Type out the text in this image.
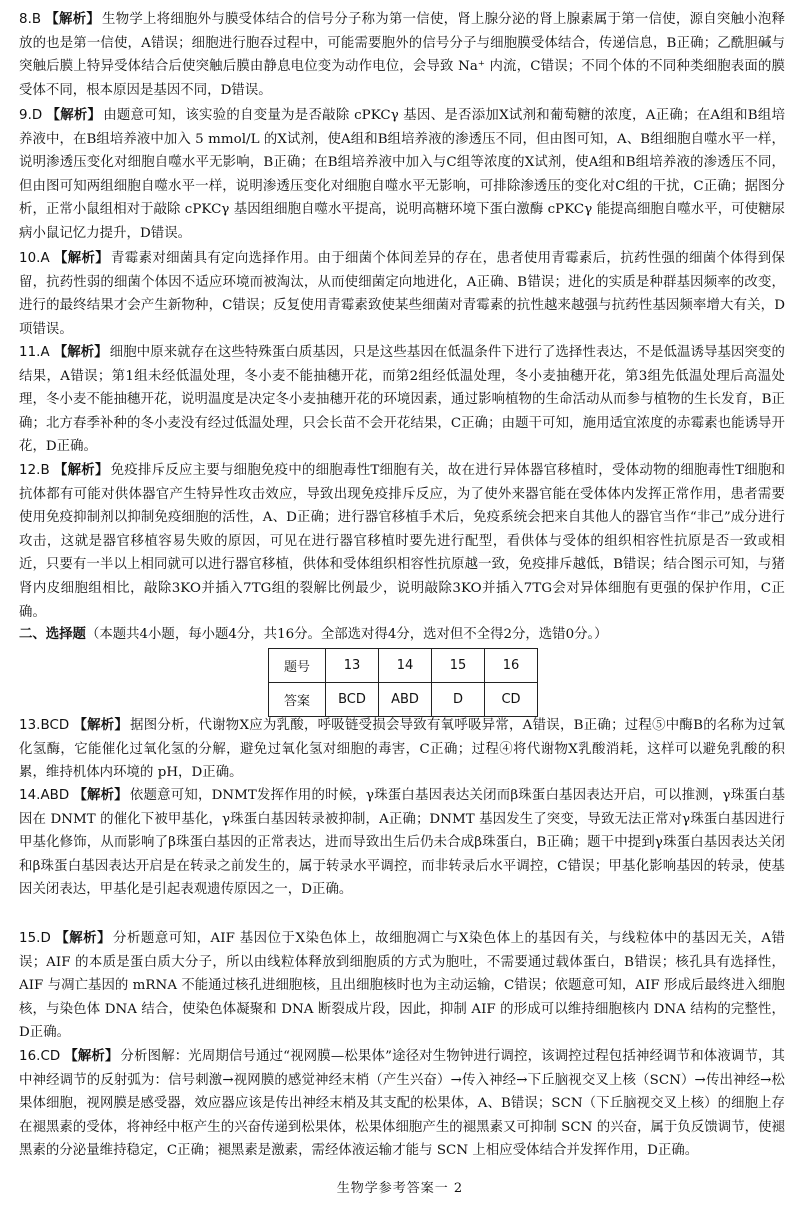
8.B 【解析】 生物学上将细胞外与膜受体结合的信号分子称为第一信使，肾上腺分泌的肾上腺素属于第一信使，源自突触小泡释放的也是第一信使，A错误；细胞进行胞吞过程中，可能需要胞外的信号分子与细胞膜受体结合，传递信息，B正确；乙酰胆碱与突触后膜上特异受体结合后使突触后膜由静息电位变为动作电位，会导致 Na⁺ 内流，C错误；不同个体的不同种类细胞表面的膜受体不同，根本原因是基因不同，D错误。
9.D 【解析】 由题意可知，该实验的自变量为是否敲除 cPKCγ 基因、是否添加X试剂和葡萄糖的浓度，A正确；在A组和B组培养液中，在B组培养液中加入 5 mmol/L 的X试剂，使A组和B组培养液的渗透压不同，但由图可知，A、B组细胞自噬水平一样，说明渗透压变化对细胞自噬水平无影响，B正确；在B组培养液中加入与C组等浓度的X试剂，使A组和B组培养液的渗透压不同，但由图可知两组细胞自噬水平一样，说明渗透压变化对细胞自噬水平无影响，可排除渗透压的变化对C组的干扰，C正确；据图分析，正常小鼠组相对于敲除 cPKCγ 基因组细胞自噬水平提高，说明高糖环境下蛋白激酶 cPKCγ 能提高细胞自噬水平，可使糖尿病小鼠记忆力提升，D错误。
10.A 【解析】 青霉素对细菌具有定向选择作用。由于细菌个体间差异的存在，患者使用青霉素后，抗药性强的细菌个体得到保留，抗药性弱的细菌个体因不适应环境而被淘汰，从而使细菌定向地进化，A正确、B错误；进化的实质是种群基因频率的改变，进行的最终结果才会产生新物种，C错误；反复使用青霉素致使某些细菌对青霉素的抗性越来越强与抗药性基因频率增大有关，D项错误。
11.A 【解析】 细胞中原来就存在这些特殊蛋白质基因，只是这些基因在低温条件下进行了选择性表达，不是低温诱导基因突变的结果，A错误；第1组未经低温处理，冬小麦不能抽穗开花，而第2组经低温处理，冬小麦抽穗开花，第3组先低温处理后高温处理，冬小麦不能抽穗开花，说明温度是决定冬小麦抽穗开花的环境因素，通过影响植物的生命活动从而参与植物的生长发育，B正确；北方春季补种的冬小麦没有经过低温处理，只会长苗不会开花结果，C正确；由题干可知，施用适宜浓度的赤霉素也能诱导开花，D正确。
12.B 【解析】 免疫排斥反应主要与细胞免疫中的细胞毒性T细胞有关，故在进行异体器官移植时，受体动物的细胞毒性T细胞和抗体都有可能对供体器官产生特异性攻击效应，导致出现免疫排斥反应，为了使外来器官能在受体体内发挥正常作用，患者需要使用免疫抑制剂以抑制免疫细胞的活性，A、D正确；进行器官移植手术后，免疫系统会把来自其他人的器官当作“非己”成分进行攻击，这就是器官移植容易失败的原因，可见在进行器官移植时要先进行配型，看供体与受体的组织相容性抗原是否一致或相近，只要有一半以上相同就可以进行器官移植，供体和受体组织相容性抗原越一致，免疫排斥越低，B错误；结合图示可知，与猪肾内皮细胞组相比，敲除3KO并插入7TG组的裂解比例最少，说明敲除3KO并插入7TG会对异体细胞有更强的保护作用，C正确。
二、选择题（本题共4小题，每小题4分，共16分。全部选对得4分，选对但不全得2分，选错0分。）
题号	13	14	15	16
答案	BCD	ABD	D	CD
13.BCD 【解析】 据图分析，代谢物X应为乳酸，呼吸链受损会导致有氧呼吸异常，A错误，B正确；过程⑤中酶B的名称为过氧化氢酶，它能催化过氧化氢的分解，避免过氧化氢对细胞的毒害，C正确；过程④将代谢物X乳酸消耗，这样可以避免乳酸的积累，维持机体内环境的 pH，D正确。
14.ABD 【解析】 依题意可知，DNMT发挥作用的时候，γ珠蛋白基因表达关闭而β珠蛋白基因表达开启，可以推测，γ珠蛋白基因在 DNMT 的催化下被甲基化，γ珠蛋白基因转录被抑制，A正确；DNMT 基因发生了突变，导致无法正常对γ珠蛋白基因进行甲基化修饰，从而影响了β珠蛋白基因的正常表达，进而导致出生后仍未合成β珠蛋白，B正确；题干中提到γ珠蛋白基因表达关闭和β珠蛋白基因表达开启是在转录之前发生的，属于转录水平调控，而非转录后水平调控，C错误；甲基化影响基因的转录，使基因关闭表达，甲基化是引起表观遗传原因之一，D正确。
15.D 【解析】 分析题意可知，AIF 基因位于X染色体上，故细胞凋亡与X染色体上的基因有关，与线粒体中的基因无关，A错误；AIF 的本质是蛋白质大分子，所以由线粒体释放到细胞质的方式为胞吐，不需要通过载体蛋白，B错误；核孔具有选择性，AIF 与凋亡基因的 mRNA 不能通过核孔进细胞核，且出细胞核时也为主动运输，C错误；依题意可知，AIF 形成后最终进入细胞核，与染色体 DNA 结合，使染色体凝聚和 DNA 断裂成片段，因此，抑制 AIF 的形成可以维持细胞核内 DNA 结构的完整性，D正确。
16.CD 【解析】 分析图解：光周期信号通过“视网膜—松果体”途径对生物钟进行调控，该调控过程包括神经调节和体液调节，其中神经调节的反射弧为：信号刺激→视网膜的感觉神经末梢（产生兴奋）→传入神经→下丘脑视交叉上核（SCN）→传出神经→松果体细胞，视网膜是感受器，效应器应该是传出神经末梢及其支配的松果体，A、B错误；SCN（下丘脑视交叉上核）的细胞上存在褪黑素的受体，将神经中枢产生的兴奋传递到松果体，松果体细胞产生的褪黑素又可抑制 SCN 的兴奋，属于负反馈调节，使褪黑素的分泌量维持稳定，C正确；褪黑素是激素，需经体液运输才能与 SCN 上相应受体结合并发挥作用，D正确。
生物学参考答案一 2
